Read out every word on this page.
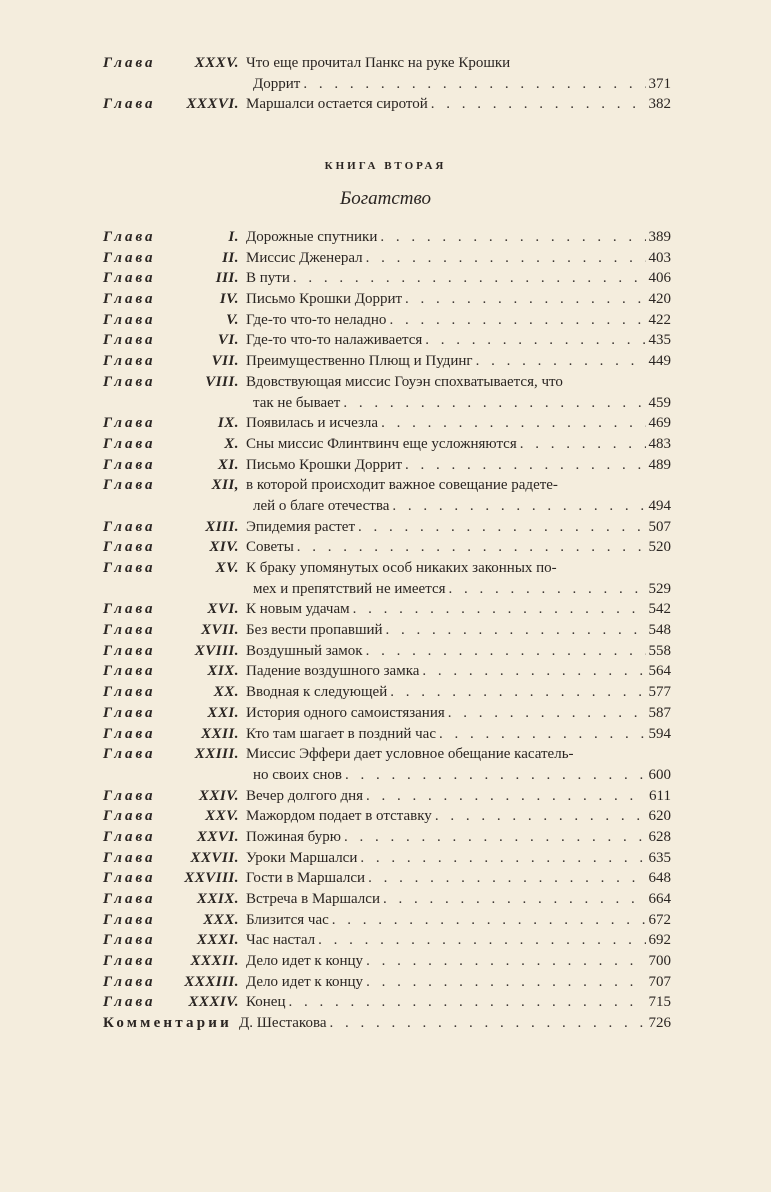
Глава	XXXV. Что еще прочитал Панкс на руке Крошки
Доррит . . .	371
Глава	XXXVI. Маршалси остается сиротой . . .	382
КНИГА ВТОРАЯ
Богатство
Глава	I. Дорожные спутники . . .	389
Глава	II. Миссис Дженерал . . .	403
Глава	III. В пути . . .	406
Глава	IV. Письмо Крошки Доррит . . .	420
Глава	V. Где-то что-то неладно . . .	422
Глава	VI. Где-то что-то налаживается . . .	435
Глава	VII. Преимущественно Плющ и Пудинг . . .	449
Глава	VIII. Вдовствующая миссис Гоуэн спохватывается, что
так не бывает . . .	459
Глава	IX. Появилась и исчезла . . .	469
Глава	X. Сны миссис Флинтвинч еще усложняются . . .	483
Глава	XI. Письмо Крошки Доррит . . .	489
Глава	XII, в которой происходит важное совещание радете-
лей о благе отечества . . .	494
Глава	XIII. Эпидемия растет . . .	507
Глава	XIV. Советы . . .	520
Глава	XV. К браку упомянутых особ никаких законных по-
мех и препятствий не имеется . . .	529
Глава	XVI. К новым удачам . . .	542
Глава	XVII. Без вести пропавший . . .	548
Глава	XVIII. Воздушный замок . . .	558
Глава	XIX. Падение воздушного замка . . .	564
Глава	XX. Вводная к следующей . . .	577
Глава	XXI. История одного самоистязания . . .	587
Глава	XXII. Кто там шагает в поздний час . . .	594
Глава	XXIII. Миссис Эффери дает условное обещание касатель-
но своих снов . . .	600
Глава	XXIV. Вечер долгого дня . . .	611
Глава	XXV. Мажордом подает в отставку . . .	620
Глава	XXVI. Пожиная бурю . . .	628
Глава	XXVII. Уроки Маршалси . . .	635
Глава	XXVIII. Гости в Маршалси . . .	648
Глава	XXIX. Встреча в Маршалси . . .	664
Глава	XXX. Близится час . . .	672
Глава	XXXI. Час настал . . .	692
Глава	XXXII. Дело идет к концу . . .	700
Глава	XXXIII. Дело идет к концу . . .	707
Глава	XXXIV. Конец . . .	715
Комментарии Д. Шестакова . . .	726
